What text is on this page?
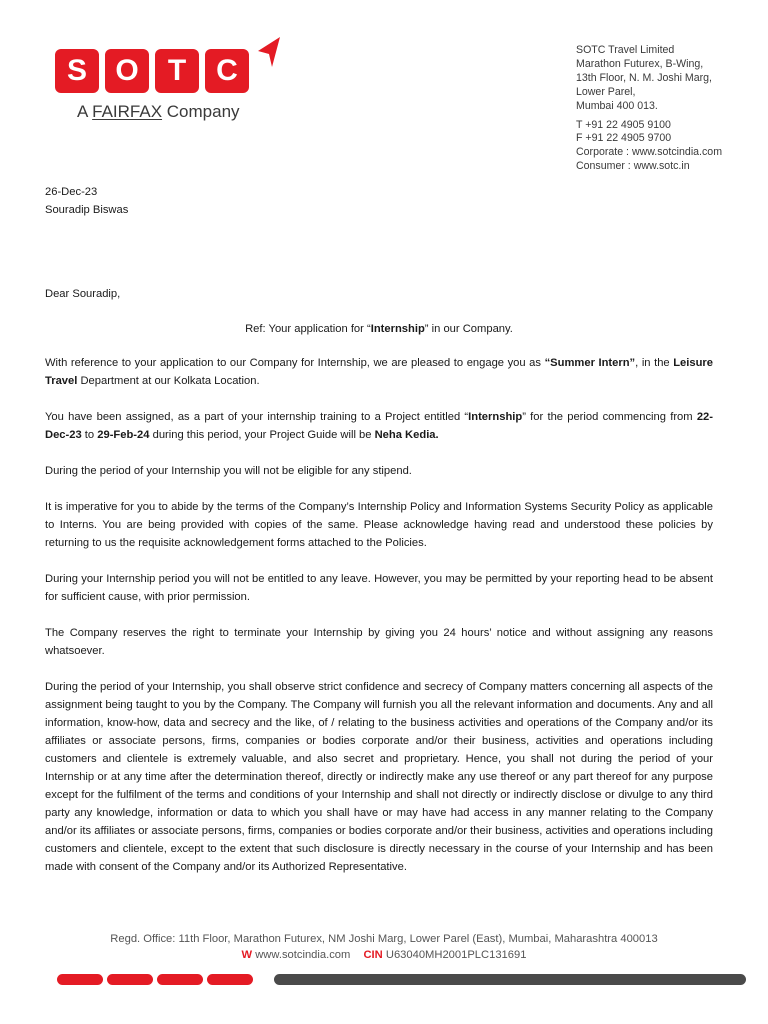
S O T	C
A FAIRFAX Company
SOTC Travel Limited
Marathon Futurex, B-Wing,
13th Floor, N. M. Joshi Marg,
Lower Parel,
Mumbai 400 013.
T +91 22 4905 9100
F +91 22 4905 9700
Corporate : www.sotcindia.com
Consumer : www.sotc.in

26-Dec-23

Souradip Biswas

Dear Souradip,

Ref: Your application for “Internship” in our Company.

With reference to your application to our Company for Internship, we are pleased to engage you as “Summer Intern”, in the Leisure Travel Department at our Kolkata Location.

You have been assigned, as a part of your internship training to a Project entitled “Internship” for the period commencing from 22-Dec-23 to 29-Feb-24 during this period, your Project Guide will be Neha Kedia.

During the period of your Internship you will not be eligible for any stipend.

It is imperative for you to abide by the terms of the Company’s Internship Policy and Information Systems Security Policy as applicable to Interns. You are being provided with copies of the same. Please acknowledge having read and understood these policies by returning to us the requisite acknowledgement forms attached to the Policies.

During your Internship period you will not be entitled to any leave. However, you may be permitted by your reporting head to be absent for sufficient cause, with prior permission.

The Company reserves the right to terminate your Internship by giving you 24 hours’ notice and without assigning any reasons whatsoever.

During the period of your Internship, you shall observe strict confidence and secrecy of Company matters concerning all aspects of the assignment being taught to you by the Company. The Company will furnish you all the relevant information and documents. Any and all information, know-how, data and secrecy and the like, of / relating to the business activities and operations of the Company and/or its affiliates or associate persons, firms, companies or bodies corporate and/or their business, activities and operations including customers and clientele is extremely valuable, and also secret and proprietary. Hence, you shall not during the period of your Internship or at any time after the determination thereof, directly or indirectly make any use thereof or any part thereof for any purpose except for the fulfilment of the terms and conditions of your Internship and shall not directly or indirectly disclose or divulge to any third party any knowledge, information or data to which you shall have or may have had access in any manner relating to the Company and/or its affiliates or associate persons, firms, companies or bodies corporate and/or their business, activities and operations including customers and clientele, except to the extent that such disclosure is directly necessary in the course of your Internship and has been made with consent of the Company and/or its Authorized Representative.

Regd. Office: 11th Floor, Marathon Futurex, NM Joshi Marg, Lower Parel (East), Mumbai, Maharashtra 400013
W www.sotcindia.com CIN U63040MH2001PLC131691
